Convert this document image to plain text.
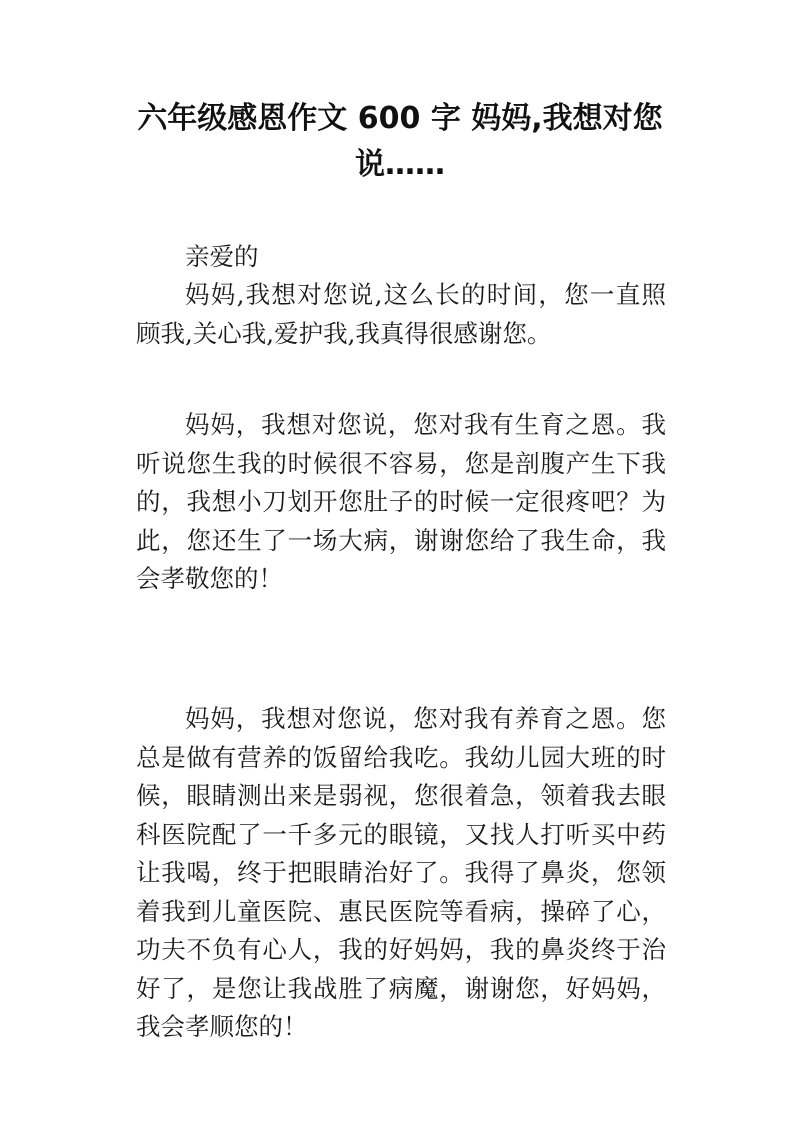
六年级感恩作文 600 字 妈妈,我想对您说……

亲爱的

妈妈,我想对您说,这么长的时间，您一直照顾我,关心我,爱护我,我真得很感谢您。

妈妈，我想对您说，您对我有生育之恩。我听说您生我的时候很不容易，您是剖腹产生下我的，我想小刀划开您肚子的时候一定很疼吧？为此，您还生了一场大病，谢谢您给了我生命，我会孝敬您的！

妈妈，我想对您说，您对我有养育之恩。您总是做有营养的饭留给我吃。我幼儿园大班的时候，眼睛测出来是弱视，您很着急，领着我去眼科医院配了一千多元的眼镜，又找人打听买中药让我喝，终于把眼睛治好了。我得了鼻炎，您领着我到儿童医院、惠民医院等看病，操碎了心，功夫不负有心人，我的好妈妈，我的鼻炎终于治好了，是您让我战胜了病魔，谢谢您，好妈妈，我会孝顺您的！
